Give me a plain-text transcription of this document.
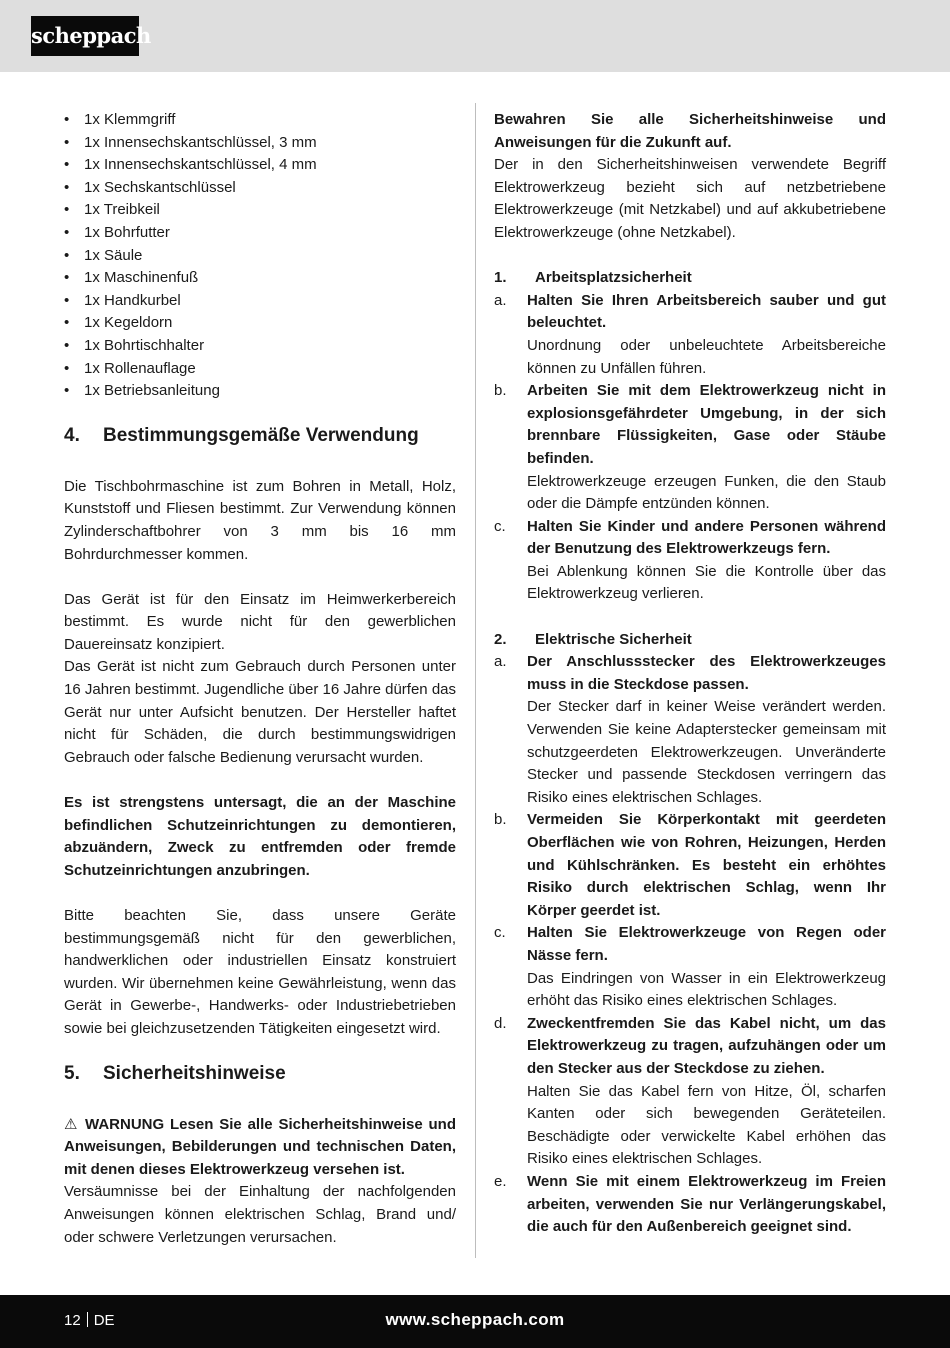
scheppach
• 1x Klemmgriff
• 1x Innensechskantschlüssel, 3 mm
• 1x Innensechskantschlüssel, 4 mm
• 1x Sechskantschlüssel
• 1x Treibkeil
• 1x Bohrfutter
• 1x Säule
• 1x Maschinenfuß
• 1x Handkurbel
• 1x Kegeldorn
• 1x Bohrtischhalter
• 1x Rollenauflage
• 1x Betriebsanleitung
4. Bestimmungsgemäße Verwendung

Die Tischbohrmaschine ist zum Bohren in Metall, Holz, Kunststoff und Fliesen bestimmt. Zur Verwendung können Zylinderschaftbohrer von 3 mm bis 16 mm Bohrdurchmesser kommen.

Das Gerät ist für den Einsatz im Heimwerkerbereich bestimmt. Es wurde nicht für den gewerblichen Dauereinsatz konzipiert.

Das Gerät ist nicht zum Gebrauch durch Personen unter 16 Jahren bestimmt. Jugendliche über 16 Jahre dürfen das Gerät nur unter Aufsicht benutzen. Der Hersteller haftet nicht für Schäden, die durch bestimmungswidrigen Gebrauch oder falsche Bedienung verursacht wurden.

Es ist strengstens untersagt, die an der Maschine befindlichen Schutzeinrichtungen zu demontieren, abzuändern, Zweck zu entfremden oder fremde Schutzeinrichtungen anzubringen.

Bitte beachten Sie, dass unsere Geräte bestimmungsgemäß nicht für den gewerblichen, handwerklichen oder industriellen Einsatz konstruiert wurden. Wir übernehmen keine Gewährleistung, wenn das Gerät in Gewerbe-, Handwerks- oder Industriebetrieben sowie bei gleichzusetzenden Tätigkeiten eingesetzt wird.

5. Sicherheitshinweise

⚠ WARNUNG Lesen Sie alle Sicherheitshinweise und Anweisungen, Bebilderungen und technischen Daten, mit denen dieses Elektrowerkzeug versehen ist.

Versäumnisse bei der Einhaltung der nachfolgenden Anweisungen können elektrischen Schlag, Brand und/ oder schwere Verletzungen verursachen.

Bewahren Sie alle Sicherheitshinweise und Anweisungen für die Zukunft auf.

Der in den Sicherheitshinweisen verwendete Begriff Elektrowerkzeug bezieht sich auf netzbetriebene Elektrowerkzeuge (mit Netzkabel) und auf akkubetriebene Elektrowerkzeuge (ohne Netzkabel).

1. Arbeitsplatzsicherheit
a. Halten Sie Ihren Arbeitsbereich sauber und gut beleuchtet.
Unordnung oder unbeleuchtete Arbeitsbereiche können zu Unfällen führen.
b. Arbeiten Sie mit dem Elektrowerkzeug nicht in explosionsgefährdeter Umgebung, in der sich brennbare Flüssigkeiten, Gase oder Stäube befinden.
Elektrowerkzeuge erzeugen Funken, die den Staub oder die Dämpfe entzünden können.
c. Halten Sie Kinder und andere Personen während der Benutzung des Elektrowerkzeugs fern.
Bei Ablenkung können Sie die Kontrolle über das Elektrowerkzeug verlieren.
2. Elektrische Sicherheit
a. Der Anschlussstecker des Elektrowerkzeuges muss in die Steckdose passen.
Der Stecker darf in keiner Weise verändert werden. Verwenden Sie keine Adapterstecker gemeinsam mit schutzgeerdeten Elektrowerkzeugen. Unveränderte Stecker und passende Steckdosen verringern das Risiko eines elektrischen Schlages.
b. Vermeiden Sie Körperkontakt mit geerdeten Oberflächen wie von Rohren, Heizungen, Herden und Kühlschränken. Es besteht ein erhöhtes Risiko durch elektrischen Schlag, wenn Ihr Körper geerdet ist.
c. Halten Sie Elektrowerkzeuge von Regen oder Nässe fern.
Das Eindringen von Wasser in ein Elektrowerkzeug erhöht das Risiko eines elektrischen Schlages.
d. Zweckentfremden Sie das Kabel nicht, um das Elektrowerkzeug zu tragen, aufzuhängen oder um den Stecker aus der Steckdose zu ziehen.
Halten Sie das Kabel fern von Hitze, Öl, scharfen Kanten oder sich bewegenden Geräteteilen. Beschädigte oder verwickelte Kabel erhöhen das Risiko eines elektrischen Schlages.
e. Wenn Sie mit einem Elektrowerkzeug im Freien arbeiten, verwenden Sie nur Verlängerungskabel, die auch für den Außenbereich geeignet sind.
12 DE	www.scheppach.com
